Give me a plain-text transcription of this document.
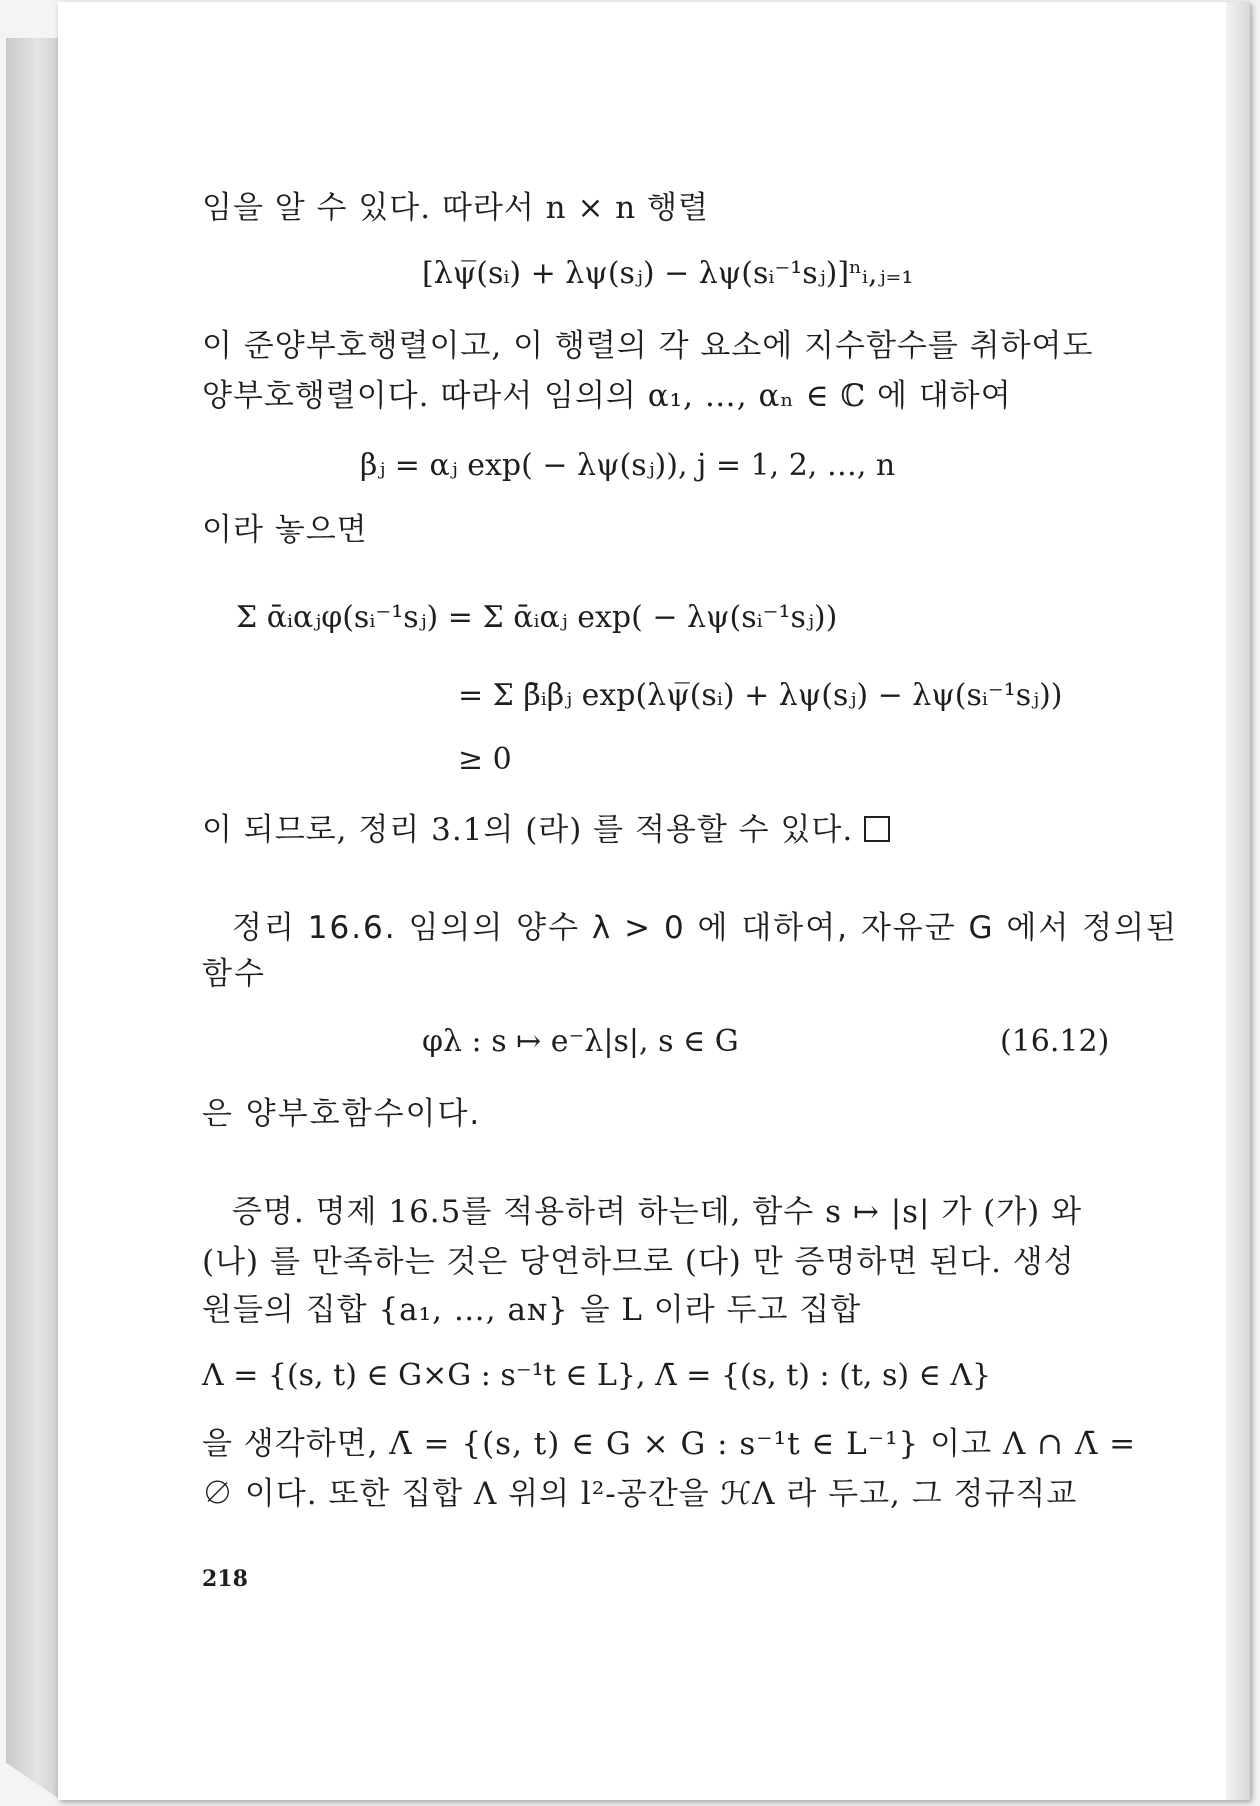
임을 알 수 있다. 따라서 n × n 행렬
[λψ̅(sᵢ) + λψ(sⱼ) − λψ(sᵢ⁻¹sⱼ)]ⁿᵢ,ⱼ₌₁
이 준양부호행렬이고, 이 행렬의 각 요소에 지수함수를 취하여도
양부호행렬이다. 따라서 임의의 α₁, …, αₙ ∈ ℂ 에 대하여
βⱼ = αⱼ exp( − λψ(sⱼ)), j = 1, 2, …, n
이라 놓으면
Σ ᾱᵢαⱼφ(sᵢ⁻¹sⱼ) = Σ ᾱᵢαⱼ exp( − λψ(sᵢ⁻¹sⱼ))
= Σ β̄ᵢβⱼ exp(λψ̅(sᵢ) + λψ(sⱼ) − λψ(sᵢ⁻¹sⱼ))
≥ 0
이 되므로, 정리 3.1의 (라) 를 적용할 수 있다.
정리 16.6. 임의의 양수 λ > 0 에 대하여, 자유군 G 에서 정의된
함수
φλ : s ↦ e⁻λ|s|, s ∈ G	(16.12)
은 양부호함수이다.
증명. 명제 16.5를 적용하려 하는데, 함수 s ↦ |s| 가 (가) 와
(나) 를 만족하는 것은 당연하므로 (다) 만 증명하면 된다. 생성
원들의 집합 {a₁, …, aɴ} 을 L 이라 두고 집합
Λ = {(s, t) ∈ G×G : s⁻¹t ∈ L}, Λ̄ = {(s, t) : (t, s) ∈ Λ}
을 생각하면, Λ̄ = {(s, t) ∈ G × G : s⁻¹t ∈ L⁻¹} 이고 Λ ∩ Λ̄ =
∅ 이다. 또한 집합 Λ 위의 l²-공간을 ℋΛ 라 두고, 그 정규직교
218
